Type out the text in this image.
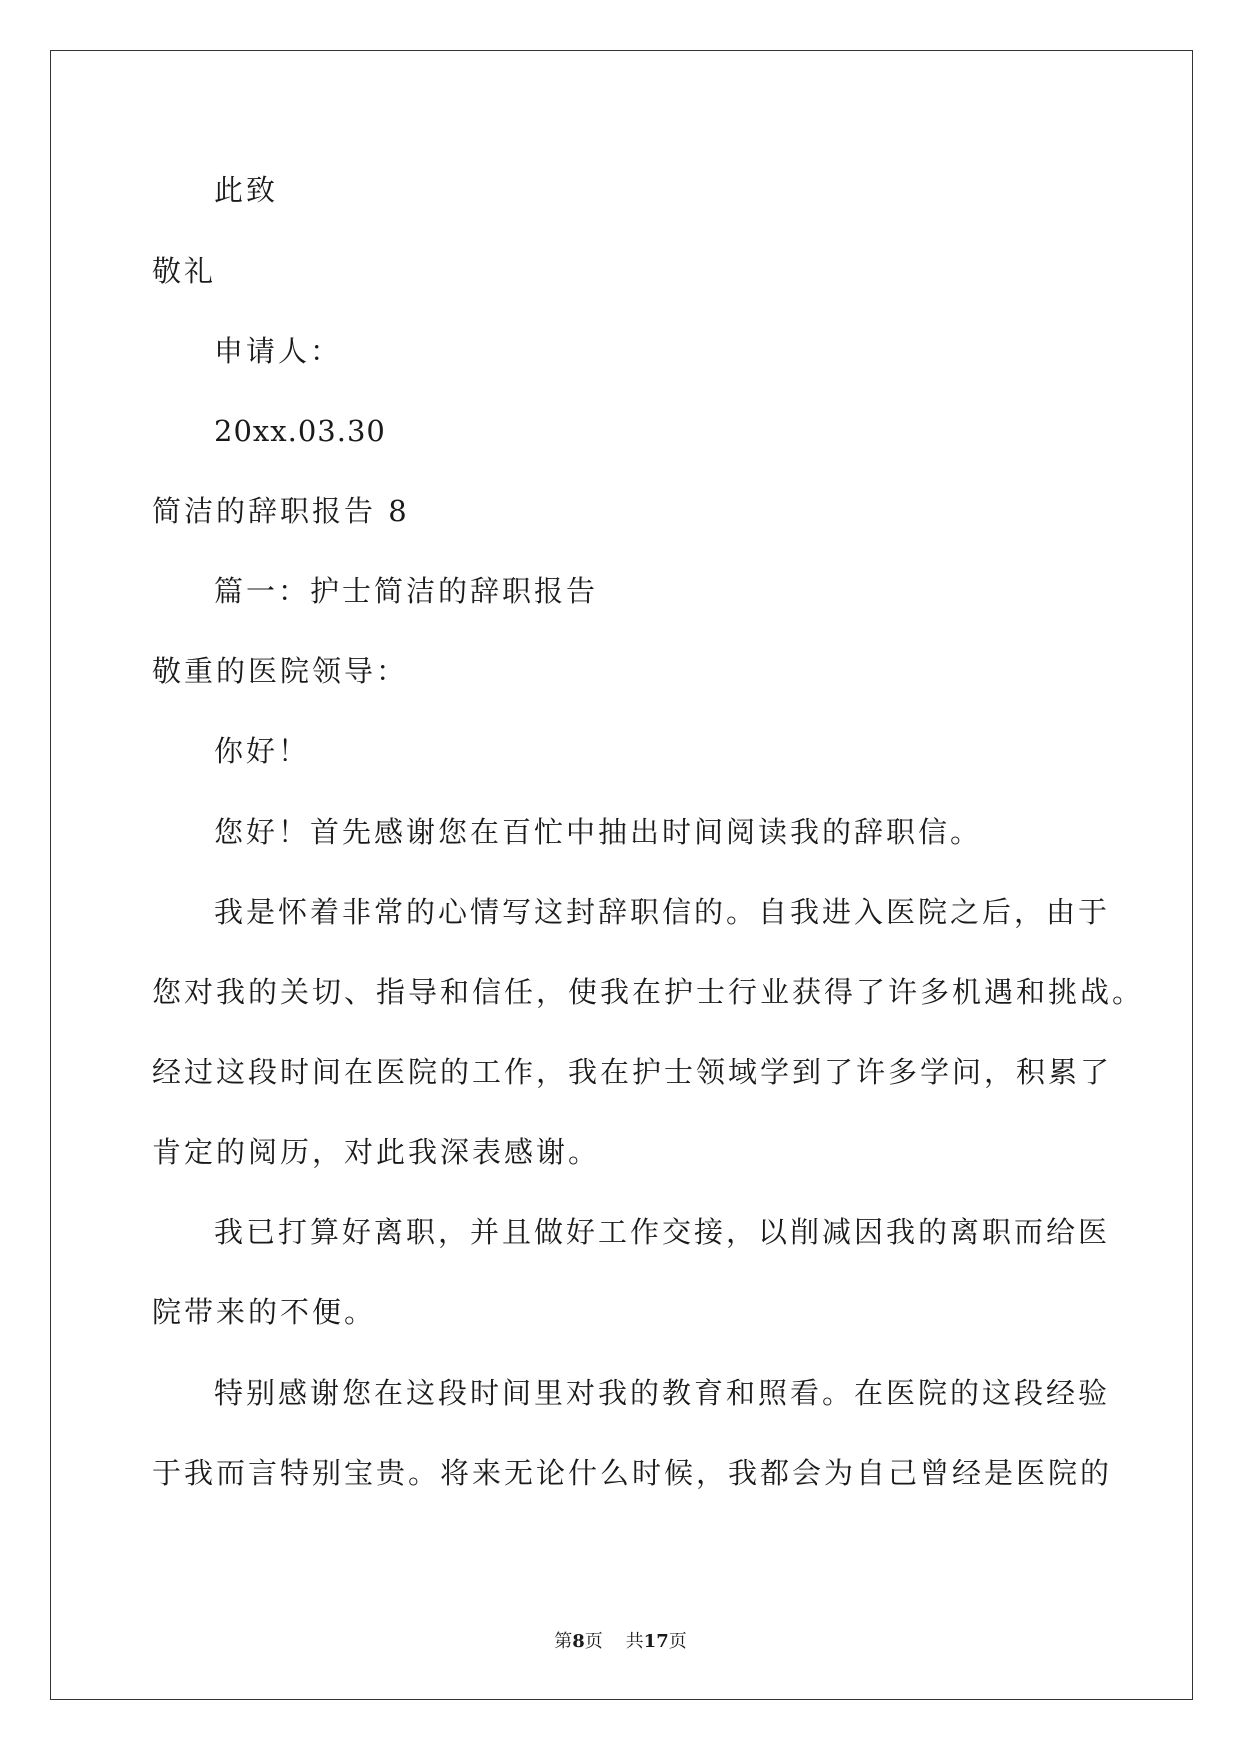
此致
敬礼
申请人：
20xx.03.30
简洁的辞职报告 8
篇一：护士简洁的辞职报告
敬重的医院领导：
你好！
您好！首先感谢您在百忙中抽出时间阅读我的辞职信。
我是怀着非常的心情写这封辞职信的。自我进入医院之后，由于
您对我的关切、指导和信任，使我在护士行业获得了许多机遇和挑战。
经过这段时间在医院的工作，我在护士领域学到了许多学问，积累了
肯定的阅历，对此我深表感谢。
我已打算好离职，并且做好工作交接，以削减因我的离职而给医
院带来的不便。
特别感谢您在这段时间里对我的教育和照看。在医院的这段经验
于我而言特别宝贵。将来无论什么时候，我都会为自己曾经是医院的
第8页 共17页
